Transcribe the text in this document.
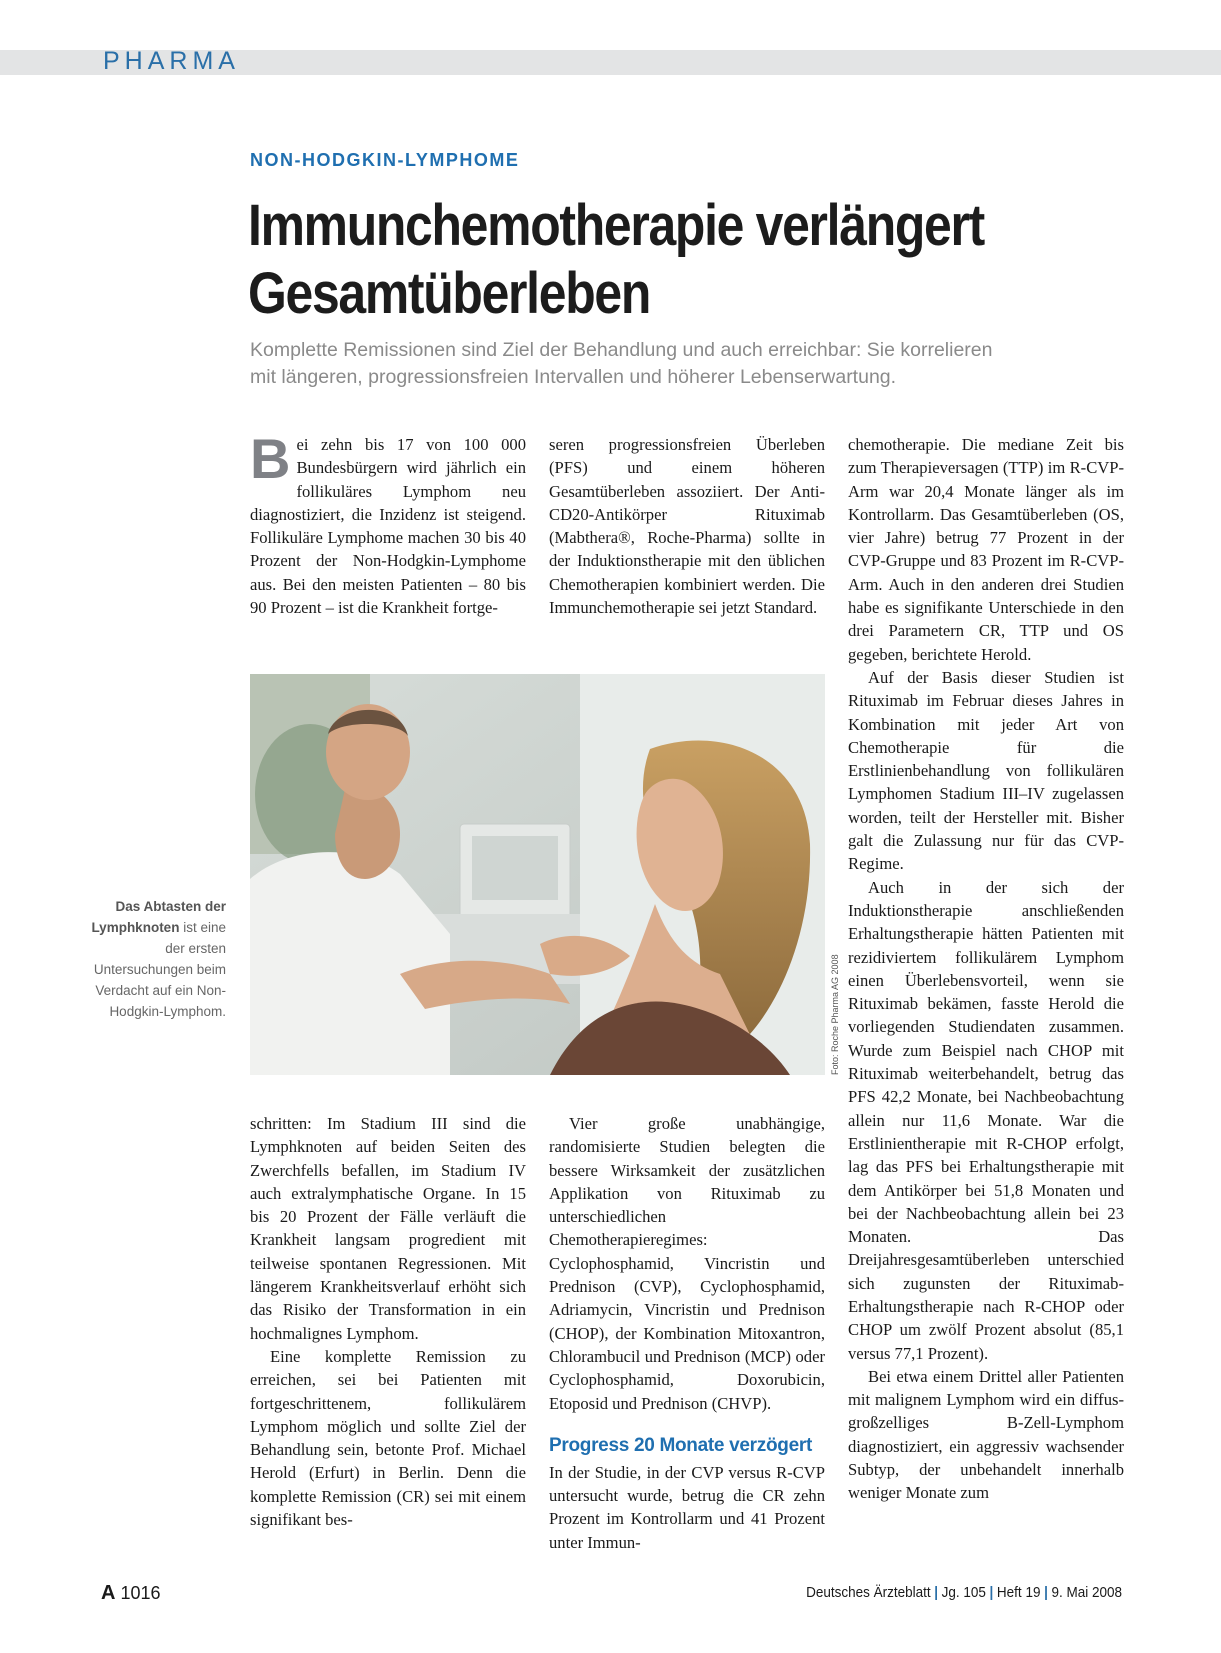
PHARMA
NON-HODGKIN-LYMPHOME
Immunchemotherapie verlängert
Gesamtüberleben

Komplette Remissionen sind Ziel der Behandlung und auch erreichbar: Sie korrelieren
mit längeren, progressionsfreien Intervallen und höherer Lebenserwartung.

Bei zehn bis 17 von 100 000 Bundesbürgern wird jährlich ein follikuläres Lymphom neu diagnostiziert, die Inzidenz ist steigend. Follikuläre Lymphome machen 30 bis 40 Prozent der Non-Hodgkin-Lymphome aus. Bei den meisten Patienten – 80 bis 90 Prozent – ist die Krankheit fortge-

seren progressionsfreien Überleben (PFS) und einem höheren Gesamtüberleben assoziiert. Der Anti-CD20-Antikörper Rituximab (Mabthera®, Roche-Pharma) sollte in der Induktionstherapie mit den üblichen Chemotherapien kombiniert werden. Die Immunchemotherapie sei jetzt Standard.

Foto: Roche Pharma AG 2008
Das Abtasten der Lymphknoten ist eine der ersten Untersuchungen beim Verdacht auf ein Non-Hodgkin-Lymphom.

schritten: Im Stadium III sind die Lymphknoten auf beiden Seiten des Zwerchfells befallen, im Stadium IV auch extralymphatische Organe. In 15 bis 20 Prozent der Fälle verläuft die Krankheit langsam progredient mit teilweise spontanen Regressionen. Mit längerem Krankheitsverlauf erhöht sich das Risiko der Transformation in ein hochmalignes Lymphom.

Eine komplette Remission zu erreichen, sei bei Patienten mit fortgeschrittenem, follikulärem Lymphom möglich und sollte Ziel der Behandlung sein, betonte Prof. Michael Herold (Erfurt) in Berlin. Denn die komplette Remission (CR) sei mit einem signifikant bes-

Vier große unabhängige, randomisierte Studien belegten die bessere Wirksamkeit der zusätzlichen Applikation von Rituximab zu unterschiedlichen Chemotherapieregimes: Cyclophosphamid, Vincristin und Prednison (CVP), Cyclophosphamid, Adriamycin, Vincristin und Prednison (CHOP), der Kombination Mitoxantron, Chlorambucil und Prednison (MCP) oder Cyclophosphamid, Doxorubicin, Etoposid und Prednison (CHVP).

Progress 20 Monate verzögert

In der Studie, in der CVP versus R-CVP untersucht wurde, betrug die CR zehn Prozent im Kontrollarm und 41 Prozent unter Immun-

chemotherapie. Die mediane Zeit bis zum Therapieversagen (TTP) im R-CVP-Arm war 20,4 Monate länger als im Kontrollarm. Das Gesamtüberleben (OS, vier Jahre) betrug 77 Prozent in der CVP-Gruppe und 83 Prozent im R-CVP-Arm. Auch in den anderen drei Studien habe es signifikante Unterschiede in den drei Parametern CR, TTP und OS gegeben, berichtete Herold.

Auf der Basis dieser Studien ist Rituximab im Februar dieses Jahres in Kombination mit jeder Art von Chemotherapie für die Erstlinienbehandlung von follikulären Lymphomen Stadium III–IV zugelassen worden, teilt der Hersteller mit. Bisher galt die Zulassung nur für das CVP-Regime.

Auch in der sich der Induktionstherapie anschließenden Erhaltungstherapie hätten Patienten mit rezidiviertem follikulärem Lymphom einen Überlebensvorteil, wenn sie Rituximab bekämen, fasste Herold die vorliegenden Studiendaten zusammen. Wurde zum Beispiel nach CHOP mit Rituximab weiterbehandelt, betrug das PFS 42,2 Monate, bei Nachbeobachtung allein nur 11,6 Monate. War die Erstlinientherapie mit R-CHOP erfolgt, lag das PFS bei Erhaltungstherapie mit dem Antikörper bei 51,8 Monaten und bei der Nachbeobachtung allein bei 23 Monaten. Das Dreijahresgesamtüberleben unterschied sich zugunsten der Rituximab-Erhaltungstherapie nach R-CHOP oder CHOP um zwölf Prozent absolut (85,1 versus 77,1 Prozent).

Bei etwa einem Drittel aller Patienten mit malignem Lymphom wird ein diffus-großzelliges B-Zell-Lymphom diagnostiziert, ein aggressiv wachsender Subtyp, der unbehandelt innerhalb weniger Monate zum

A 1016	Deutsches Ärzteblatt | Jg. 105 | Heft 19 | 9. Mai 2008
